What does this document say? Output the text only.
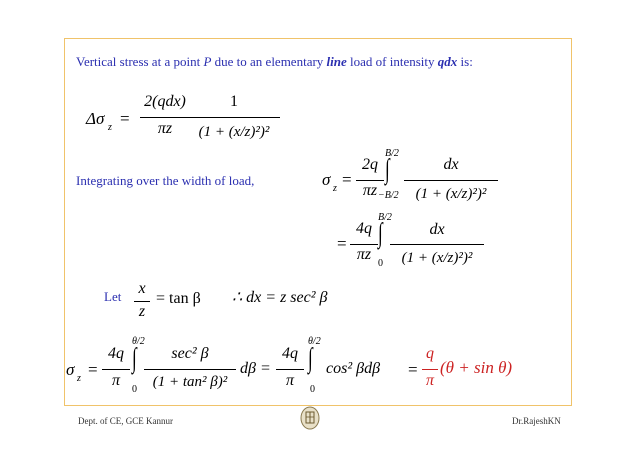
Vertical stress at a point P due to an elementary line load of intensity qdx is:
Δσ z =
2(qdx)
πz
1
(1 + (x/z)²)²
Integrating over the width of load,	σ z =
2q
πz
B/2
∫
−B/2
dx
(1 + (x/z)²)²
=
4q
πz
B/2
∫
0
dx
(1 + (x/z)²)²
Let x
z
= tan β ∴ dx = z sec² β
σ z =
4q
π
θ/2
∫
0
sec² β
(1 + tan² β)²
dβ =
4q
π
θ/2
∫
0
cos² βdβ =
q
π
(θ + sin θ)
Dept. of CE, GCE Kannur	Dr.RajeshKN
